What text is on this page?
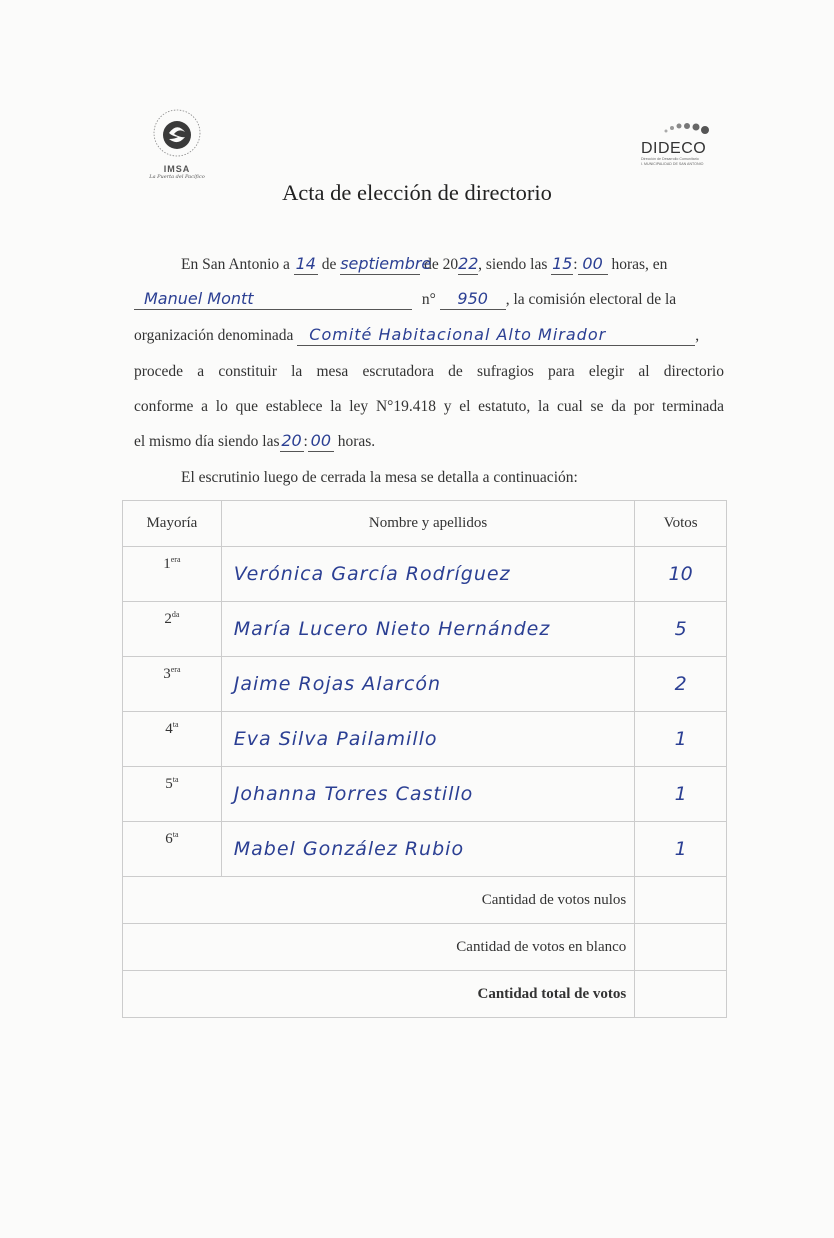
IMSA
La Puerta del Pacífico
DIDECO
Dirección de Desarrollo Comunitario
I. MUNICIPALIDAD DE SAN ANTONIO
Acta de elección de directorio
En San Antonio a 14 de septiembre de 2022, siendo las 15: 00 horas, en
Manuel Montt	n° 950 , la comisión electoral de la
organización denominada Comité Habitacional Alto Mirador	,
procede a constituir la mesa escrutadora de sufragios para elegir al directorio
conforme a lo que establece la ley N°19.418 y el estatuto, la cual se da por terminada
el mismo día siendo las 20 : 00 horas.
El escrutinio luego de cerrada la mesa se detalla a continuación:
Mayoría	Nombre y apellidos	Votos
$1^{era}$	Verónica García Rodríguez	10
$2^{da}$	María Lucero Nieto Hernández	5
$3^{era}$	Jaime Rojas Alarcón	2
$4^{ta}$	Eva Silva Pailamillo	1
$5^{ta}$	Johanna Torres Castillo	1
$6^{ta}$	Mabel González Rubio	1
Cantidad de votos nulos		
Cantidad de votos en blanco		
Cantidad total de votos		
